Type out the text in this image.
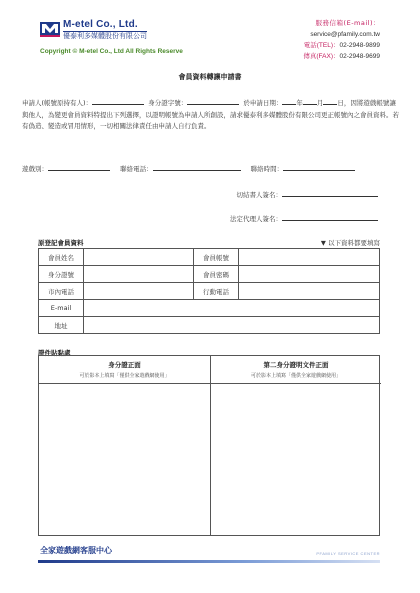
M-etel Co., Ltd.
優泰利多媒體股份有限公司
Copyright © M-etel Co., Ltd All Rights Reserve
服務信箱(E-mail)：
service@pfamily.com.tw
電話(TEL)：02-2948-9899
傳真(FAX)：02-2948-9699
會員資料轉讓申請書
申請人(帳號原持有人)：	身分證字號：	於申請日期： 年 月 日，因將遊戲帳號讓與他人，為變更會員資料特提出下列選擇，以證明帳號為申請人所創設，請求優泰利多媒體股份有限公司更正帳號內之會員資料。若有偽造、變造或冒用情形，一切相關法律責任由申請人自行負責。
遊戲別：	聯絡電話：	聯絡時間：
切結書人簽名：
法定代理人簽名：
原登記會員資料	▼ 以下資料都要填寫
會員姓名		會員帳號	
身分證號		會員密碼	
市內電話		行動電話	
E-mail			
地址			
證件貼黏處
身分證正面
可於影本上填寫「僅供全家遊戲網使用」
第二身分證明文件正面
可於影本上填寫「僅供全家遊戲網使用」
全家遊戲網客服中心	PFAMILY SERVICE CENTER
